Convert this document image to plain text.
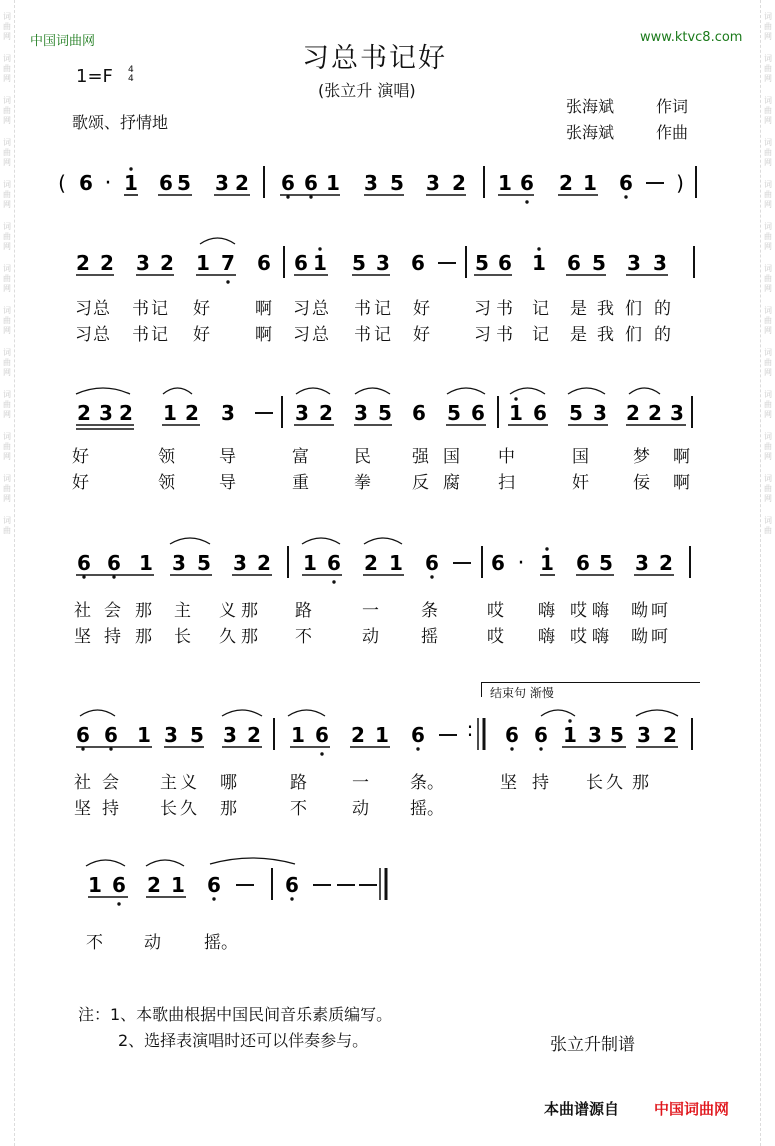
词
曲
网
词
曲
网
词
曲
网
词
曲
网
词
曲
网
词
曲
网
词
曲
网
词
曲
网
词
曲
网
词
曲
网
词
曲
网
词
曲
网
词
曲
词
曲
网
词
曲
网
词
曲
网
词
曲
网
词
曲
网
词
曲
网
词
曲
网
词
曲
网
词
曲
网
词
曲
网
词
曲
网
词
曲
网
词
曲
中国词曲网	www.ktvc8.com
习总书记好
(张立升 演唱)
1=F 4
4
歌颂、抒情地
张海斌	作词
张海斌	作曲
( 6 · 1 6 5 3 2 6 6 1 3 5 3 2 1 6 2 1 6 )
2 2 3 2 1 7 6 6 1 5 3 6	5 6 1 6 5 3 3
2 3 2 1 2 3	3 2 3 5 6 5 6 1 6 5 3 2 2 3
6 6 1 3 5 3 2 1 6 2 1 6	6 · 1 6 5 3 2
6 6 1 3 5 3 2 1 6 2 1 6 : 6 6 1 3 5 3 2
1 6 2 1 6	6
习 总 书 记 好	啊 习 总 书 记 好	习 书 记 是 我 们 的
习 总 书 记 好	啊 习 总 书 记 好	习 书 记 是 我 们 的
好	领	导	富	民 强 国 中	国	梦 啊
好	领	导	重	拳 反 腐 扫	奸	佞 啊
社 会 那 主 义 那 路	一 条	哎 嗨 哎 嗨 呦 呵
坚 持 那 长 久 那 不	动 摇	哎 嗨 哎 嗨 呦 呵
社 会 主 义 哪	路	一 条。	坚 持 长 久 那
坚 持 长 久 那	不	动 摇。
不 动	摇。
结束句 渐慢
注：1、本歌曲根据中国民间音乐素质编写。
2、选择表演唱时还可以伴奏参与。	张立升制谱
本曲谱源自 中国词曲网
